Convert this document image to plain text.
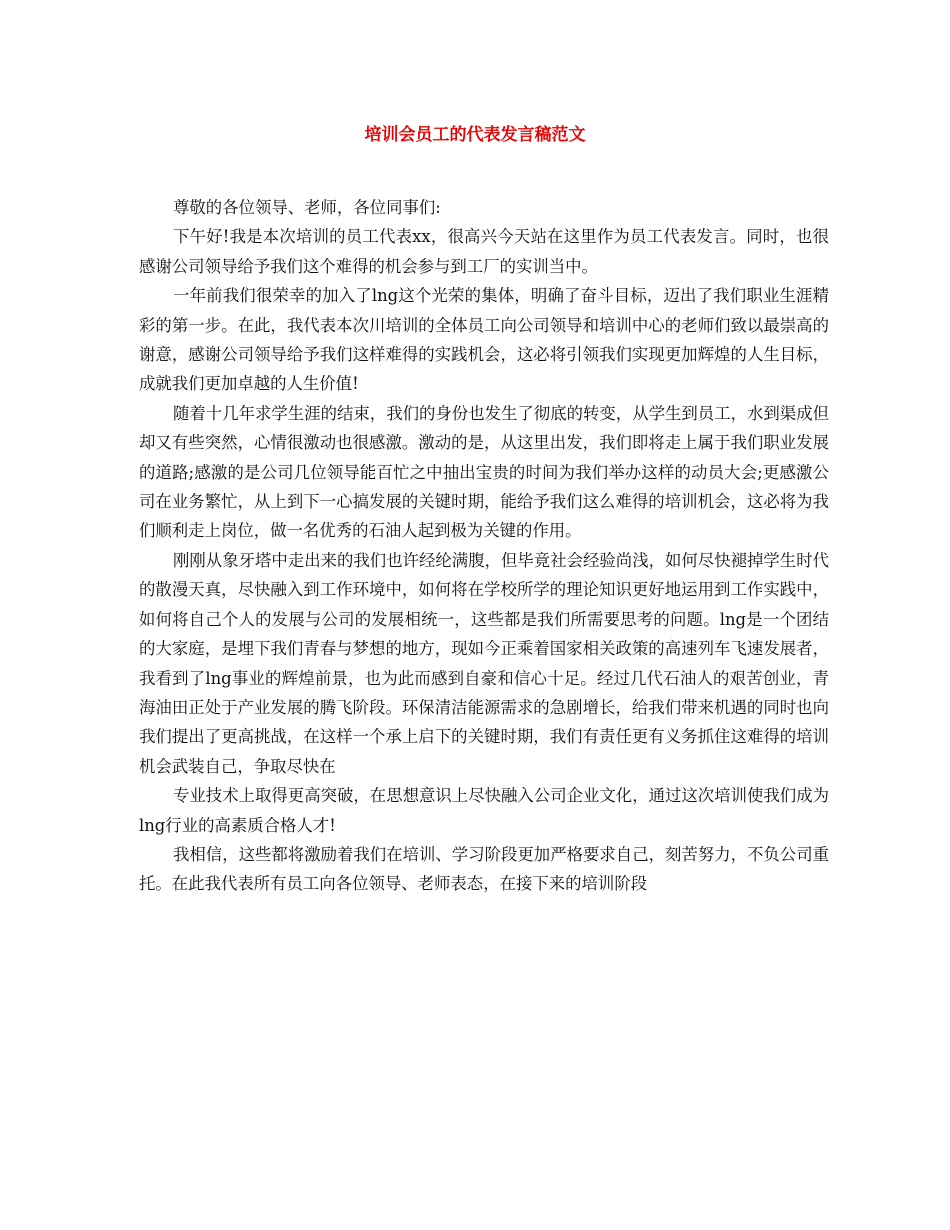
培训会员工的代表发言稿范文

尊敬的各位领导、老师，各位同事们:

下午好!我是本次培训的员工代表xx，很高兴今天站在这里作为员工代表发言。同时，也很感谢公司领导给予我们这个难得的机会参与到工厂的实训当中。

一年前我们很荣幸的加入了lng这个光荣的集体，明确了奋斗目标，迈出了我们职业生涯精彩的第一步。在此，我代表本次川培训的全体员工向公司领导和培训中心的老师们致以最崇高的谢意，感谢公司领导给予我们这样难得的实践机会，这必将引领我们实现更加辉煌的人生目标，成就我们更加卓越的人生价值!

随着十几年求学生涯的结束，我们的身份也发生了彻底的转变，从学生到员工，水到渠成但却又有些突然，心情很激动也很感激。激动的是，从这里出发，我们即将走上属于我们职业发展的道路;感激的是公司几位领导能百忙之中抽出宝贵的时间为我们举办这样的动员大会;更感激公司在业务繁忙，从上到下一心搞发展的关键时期，能给予我们这么难得的培训机会，这必将为我们顺利走上岗位，做一名优秀的石油人起到极为关键的作用。

刚刚从象牙塔中走出来的我们也许经纶满腹，但毕竟社会经验尚浅，如何尽快褪掉学生时代的散漫天真，尽快融入到工作环境中，如何将在学校所学的理论知识更好地运用到工作实践中，如何将自己个人的发展与公司的发展相统一，这些都是我们所需要思考的问题。lng是一个团结的大家庭，是埋下我们青春与梦想的地方，现如今正乘着国家相关政策的高速列车飞速发展者，我看到了lng事业的辉煌前景，也为此而感到自豪和信心十足。经过几代石油人的艰苦创业，青海油田正处于产业发展的腾飞阶段。环保清洁能源需求的急剧增长，给我们带来机遇的同时也向我们提出了更高挑战，在这样一个承上启下的关键时期，我们有责任更有义务抓住这难得的培训机会武装自己，争取尽快在

专业技术上取得更高突破，在思想意识上尽快融入公司企业文化，通过这次培训使我们成为lng行业的高素质合格人才!

我相信，这些都将激励着我们在培训、学习阶段更加严格要求自己，刻苦努力，不负公司重托。在此我代表所有员工向各位领导、老师表态，在接下来的培训阶段
